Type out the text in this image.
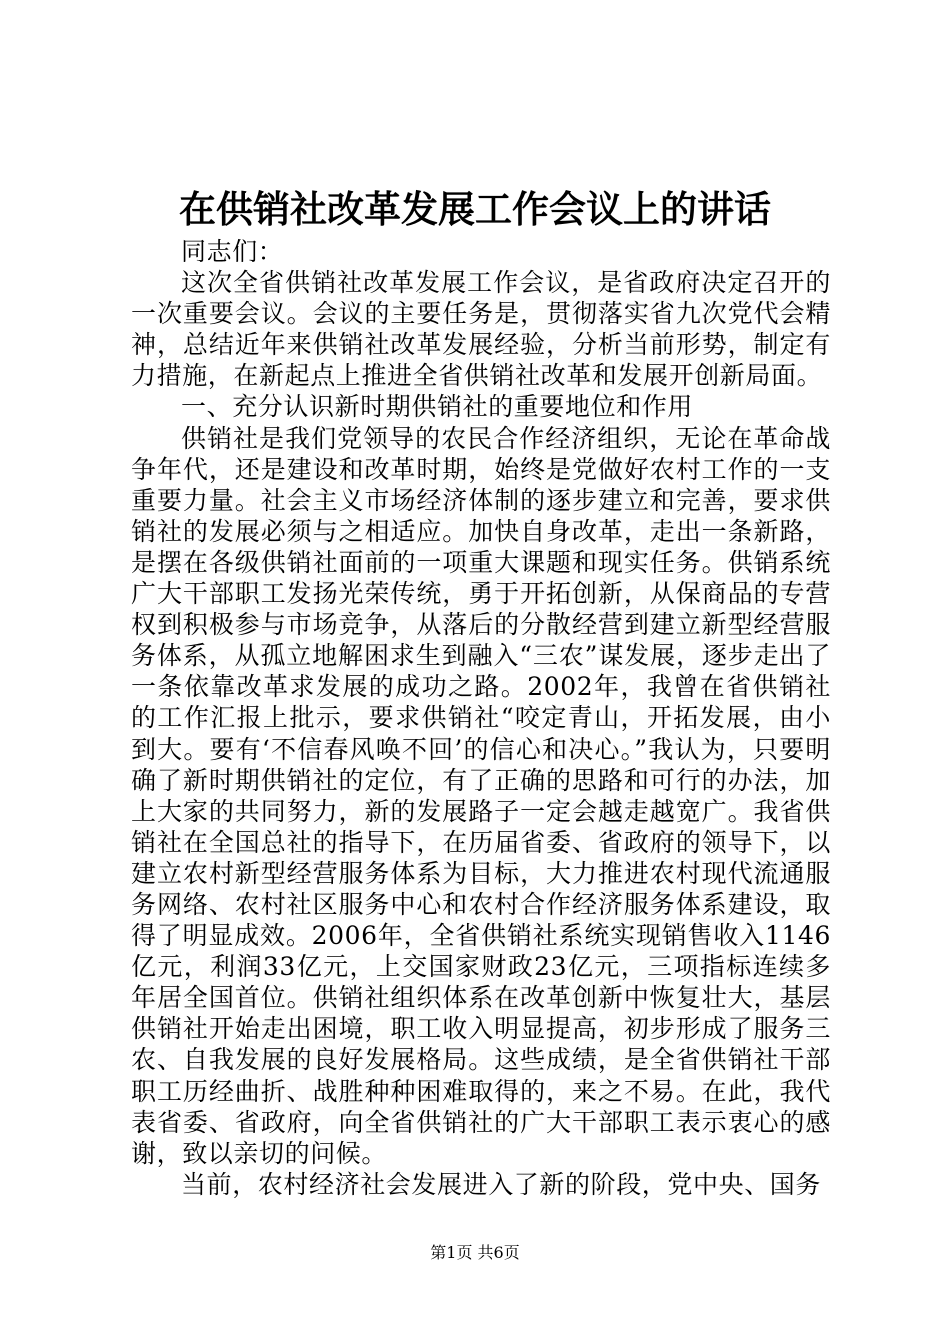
在供销社改革发展工作会议上的讲话

同志们：

这次全省供销社改革发展工作会议，是省政府决定召开的一次重要会议。会议的主要任务是，贯彻落实省九次党代会精神，总结近年来供销社改革发展经验，分析当前形势，制定有力措施，在新起点上推进全省供销社改革和发展开创新局面。

一、充分认识新时期供销社的重要地位和作用

供销社是我们党领导的农民合作经济组织，无论在革命战争年代，还是建设和改革时期，始终是党做好农村工作的一支重要力量。社会主义市场经济体制的逐步建立和完善，要求供销社的发展必须与之相适应。加快自身改革，走出一条新路，是摆在各级供销社面前的一项重大课题和现实任务。供销系统广大干部职工发扬光荣传统，勇于开拓创新，从保商品的专营权到积极参与市场竞争，从落后的分散经营到建立新型经营服务体系，从孤立地解困求生到融入“三农”谋发展，逐步走出了一条依靠改革求发展的成功之路。2002年，我曾在省供销社的工作汇报上批示，要求供销社“咬定青山，开拓发展，由小到大。要有‘不信春风唤不回’的信心和决心。”我认为，只要明确了新时期供销社的定位，有了正确的思路和可行的办法，加上大家的共同努力，新的发展路子一定会越走越宽广。我省供销社在全国总社的指导下，在历届省委、省政府的领导下，以建立农村新型经营服务体系为目标，大力推进农村现代流通服务网络、农村社区服务中心和农村合作经济服务体系建设，取得了明显成效。2006年，全省供销社系统实现销售收入1146亿元，利润33亿元，上交国家财政23亿元，三项指标连续多年居全国首位。供销社组织体系在改革创新中恢复壮大，基层供销社开始走出困境，职工收入明显提高，初步形成了服务三农、自我发展的良好发展格局。这些成绩，是全省供销社干部职工历经曲折、战胜种种困难取得的，来之不易。在此，我代表省委、省政府，向全省供销社的广大干部职工表示衷心的感谢，致以亲切的问候。

当前，农村经济社会发展进入了新的阶段，党中央、国务

第1页 共6页
